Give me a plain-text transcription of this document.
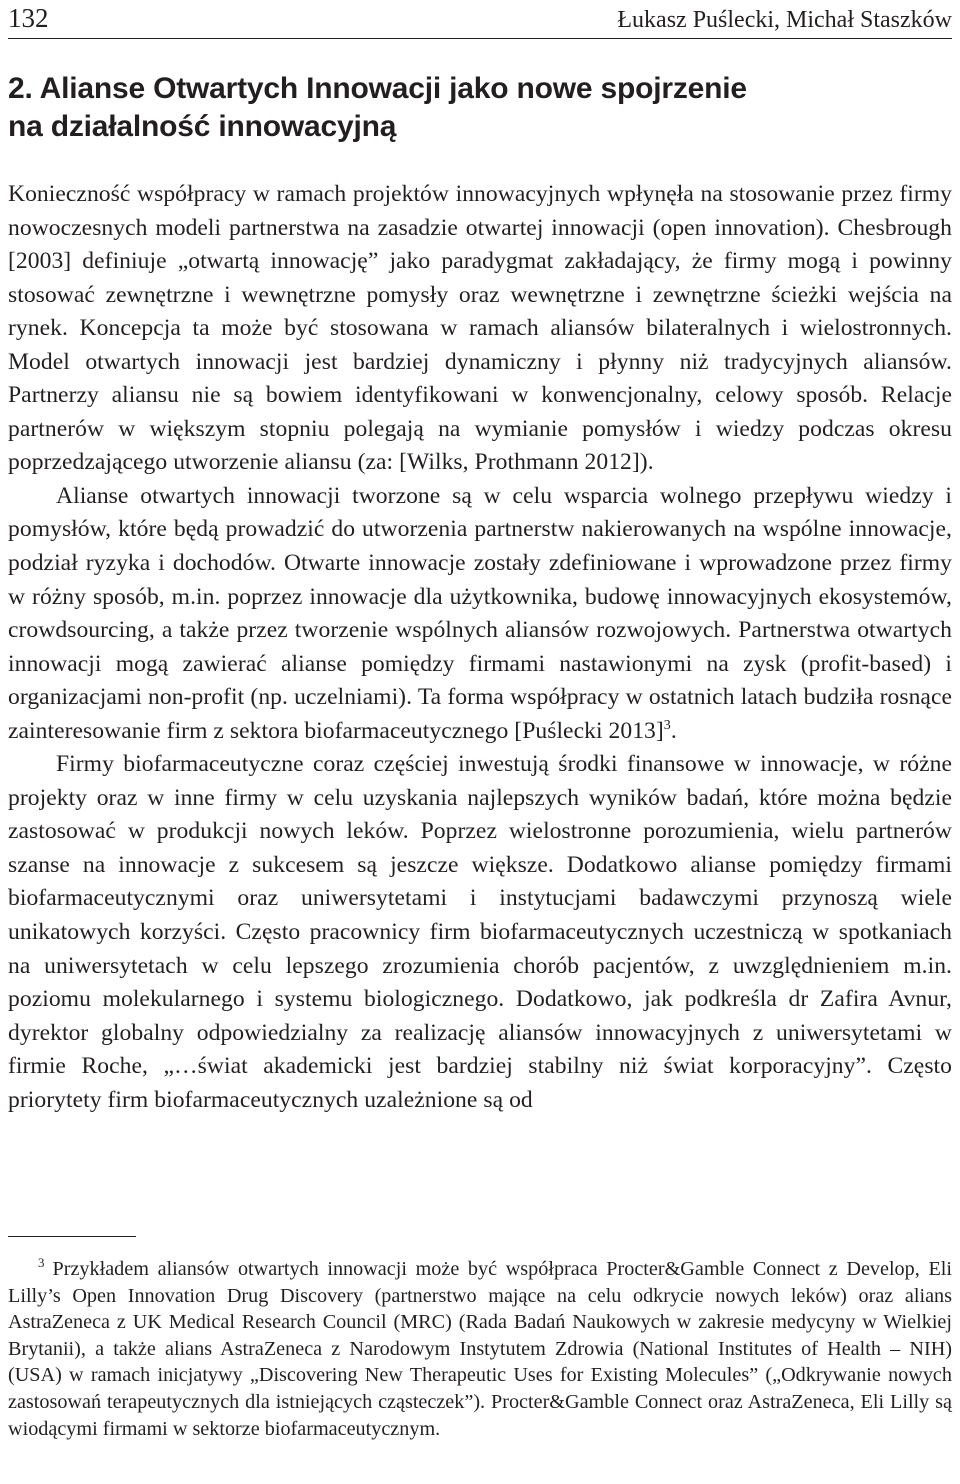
132	Łukasz Puślecki, Michał Staszków
2. Alianse Otwartych Innowacji jako nowe spojrzenie
na działalność innowacyjną

Konieczność współpracy w ramach projektów innowacyjnych wpłynęła na stosowanie przez firmy nowoczesnych modeli partnerstwa na zasadzie otwartej innowacji (open innovation). Chesbrough [2003] definiuje „otwartą innowację” jako paradygmat zakładający, że firmy mogą i powinny stosować zewnętrzne i wewnętrzne pomysły oraz wewnętrzne i zewnętrzne ścieżki wejścia na rynek. Koncepcja ta może być stosowana w ramach aliansów bilateralnych i wielostronnych. Model otwartych innowacji jest bardziej dynamiczny i płynny niż tradycyjnych aliansów. Partnerzy aliansu nie są bowiem identyfikowani w konwencjonalny, celowy sposób. Relacje partnerów w większym stopniu polegają na wymianie pomysłów i wiedzy podczas okresu poprzedzającego utworzenie aliansu (za: [Wilks, Prothmann 2012]).

Alianse otwartych innowacji tworzone są w celu wsparcia wolnego przepływu wiedzy i pomysłów, które będą prowadzić do utworzenia partnerstw nakierowanych na wspólne innowacje, podział ryzyka i dochodów. Otwarte innowacje zostały zdefiniowane i wprowadzone przez firmy w różny sposób, m.in. poprzez innowacje dla użytkownika, budowę innowacyjnych ekosystemów, crowdsourcing, a także przez tworzenie wspólnych aliansów rozwojowych. Partnerstwa otwartych innowacji mogą zawierać alianse pomiędzy firmami nastawionymi na zysk (profit-based) i organizacjami non-profit (np. uczelniami). Ta forma współpracy w ostatnich latach budziła rosnące zainteresowanie firm z sektora biofarmaceutycznego [Puślecki 2013]$^3$.

Firmy biofarmaceutyczne coraz częściej inwestują środki finansowe w innowacje, w różne projekty oraz w inne firmy w celu uzyskania najlepszych wyników badań, które można będzie zastosować w produkcji nowych leków. Poprzez wielostronne porozumienia, wielu partnerów szanse na innowacje z sukcesem są jeszcze większe. Dodatkowo alianse pomiędzy firmami biofarmaceutycznymi oraz uniwersytetami i instytucjami badawczymi przynoszą wiele unikatowych korzyści. Często pracownicy firm biofarmaceutycznych uczestniczą w spotkaniach na uniwersytetach w celu lepszego zrozumienia chorób pacjentów, z uwzględnieniem m.in. poziomu molekularnego i systemu biologicznego. Dodatkowo, jak podkreśla dr Zafira Avnur, dyrektor globalny odpowiedzialny za realizację aliansów innowacyjnych z uniwersytetami w firmie Roche, „…świat akademicki jest bardziej stabilny niż świat korporacyjny”. Często priorytety firm biofarmaceutycznych uzależnione są od

$^3$ Przykładem aliansów otwartych innowacji może być współpraca Procter&Gamble Connect z Develop, Eli Lilly’s Open Innovation Drug Discovery (partnerstwo mające na celu odkrycie nowych leków) oraz alians AstraZeneca z UK Medical Research Council (MRC) (Rada Badań Naukowych w zakresie medycyny w Wielkiej Brytanii), a także alians AstraZeneca z Narodowym Instytutem Zdrowia (National Institutes of Health – NIH) (USA) w ramach inicjatywy „Discovering New Therapeutic Uses for Existing Molecules” („Odkrywanie nowych zastosowań terapeutycznych dla istniejących cząsteczek”). Procter&Gamble Connect oraz AstraZeneca, Eli Lilly są wiodącymi firmami w sektorze biofarmaceutycznym.
